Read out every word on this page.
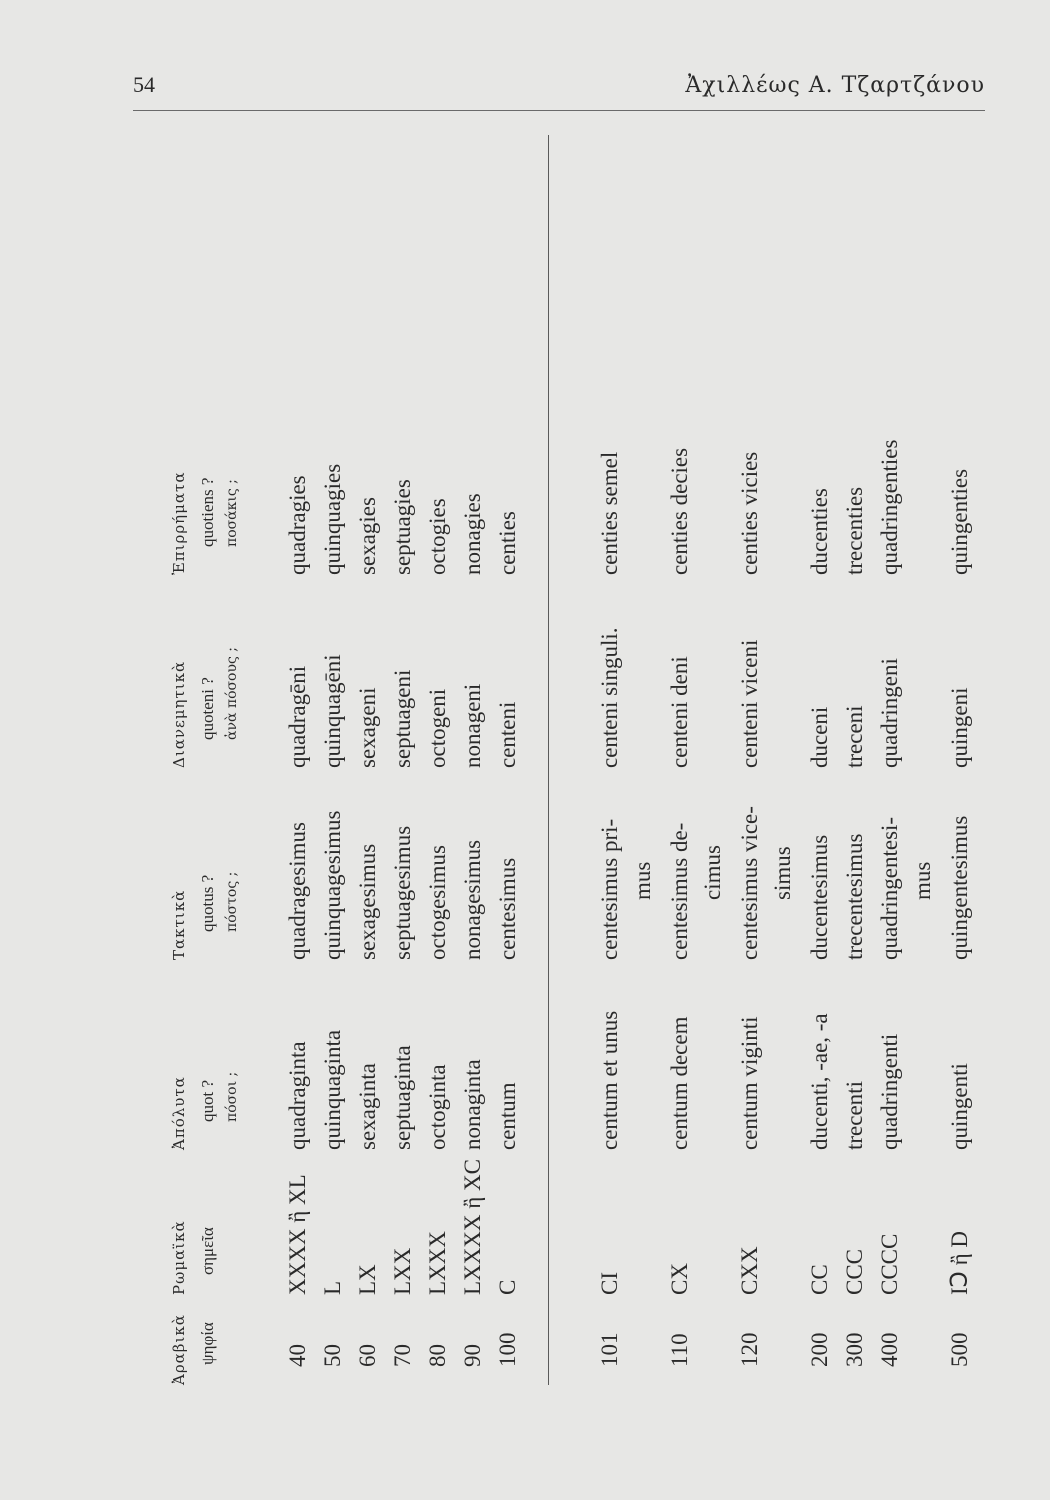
54	Ἀχιλλέως Α. Τζαρτζάνου
Ἀραβικὰ ψηφία
Ρωμαϊκὰ σημεῖα
Ἀπόλυτα quot ? πόσοι ;
Τακτικὰ quotus ? πόστος ;
Διανεμητικὰ quoteni ? ἀνὰ πόσους ;
Ἐπιρρήματα quotiens ? ποσάκις ;
40
XXXX ἢ XL
quadraginta
quadragesimus
quadragēni
quadragies
50
L
quinquaginta
quinquagesimus
quinquagēni
quinquagies
60
LX
sexaginta
sexagesimus
sexageni
sexagies
70
LXX
septuaginta
septuagesimus
septuageni
septuagies
80
LXXX
octoginta
octogesimus
octogeni
octogies
90
LXXXX ἢ XC
nonaginta
nonagesimus
nonageni
nonagies
100
C
centum
centesimus
centeni
centies
101
CI
centum et unus
centesimus pri-
centeni singuli.
centies semel
mus
110
CX
centum decem
centesimus de-
centeni deni
centies decies
cimus
120
CXX
centum viginti
centesimus vice-
centeni viceni
centies vicies
simus
200
CC
ducenti, -ae, -a
ducentesimus
duceni
ducenties
300
CCC
trecenti
trecentesimus
treceni
trecenties
400
CCCC
quadringenti
quadringentesi-
quadringeni
quadringenties
mus
500
IↃ ἢ D
quingenti
quingentesimus
quingeni
quingenties
